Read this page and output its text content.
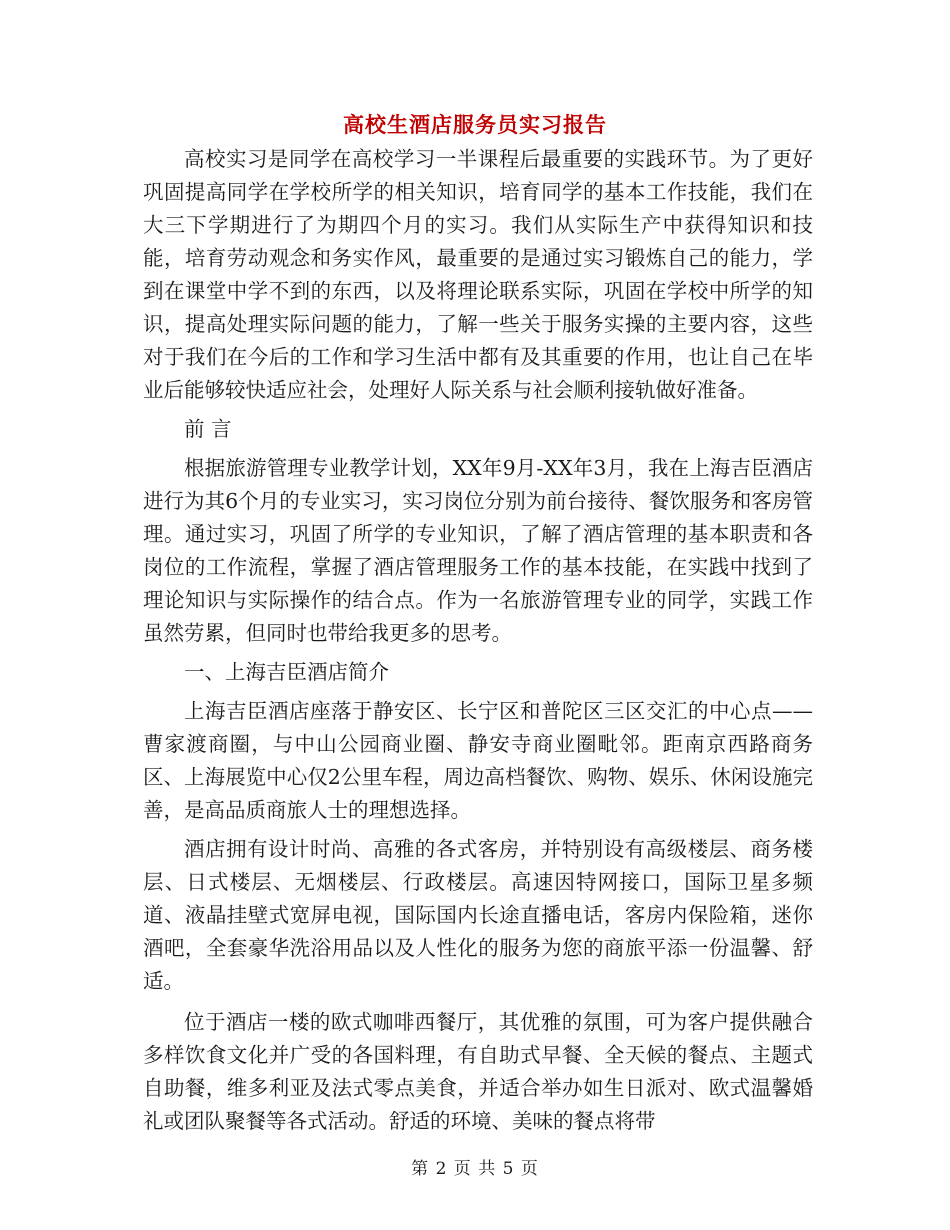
高校生酒店服务员实习报告

高校实习是同学在高校学习一半课程后最重要的实践环节。为了更好巩固提高同学在学校所学的相关知识，培育同学的基本工作技能，我们在大三下学期进行了为期四个月的实习。我们从实际生产中获得知识和技能，培育劳动观念和务实作风，最重要的是通过实习锻炼自己的能力，学到在课堂中学不到的东西，以及将理论联系实际，巩固在学校中所学的知识，提高处理实际问题的能力，了解一些关于服务实操的主要内容，这些对于我们在今后的工作和学习生活中都有及其重要的作用，也让自己在毕业后能够较快适应社会，处理好人际关系与社会顺利接轨做好准备。

前 言

根据旅游管理专业教学计划，XX年9月-XX年3月，我在上海吉臣酒店进行为其6个月的专业实习，实习岗位分别为前台接待、餐饮服务和客房管理。通过实习，巩固了所学的专业知识，了解了酒店管理的基本职责和各岗位的工作流程，掌握了酒店管理服务工作的基本技能，在实践中找到了理论知识与实际操作的结合点。作为一名旅游管理专业的同学，实践工作虽然劳累，但同时也带给我更多的思考。

一、上海吉臣酒店简介

上海吉臣酒店座落于静安区、长宁区和普陀区三区交汇的中心点——曹家渡商圈，与中山公园商业圈、静安寺商业圈毗邻。距南京西路商务区、上海展览中心仅2公里车程，周边高档餐饮、购物、娱乐、休闲设施完善，是高品质商旅人士的理想选择。

酒店拥有设计时尚、高雅的各式客房，并特别设有高级楼层、商务楼层、日式楼层、无烟楼层、行政楼层。高速因特网接口，国际卫星多频道、液晶挂壁式宽屏电视，国际国内长途直播电话，客房内保险箱，迷你酒吧，全套豪华洗浴用品以及人性化的服务为您的商旅平添一份温馨、舒适。

位于酒店一楼的欧式咖啡西餐厅，其优雅的氛围，可为客户提供融合多样饮食文化并广受的各国料理，有自助式早餐、全天候的餐点、主题式自助餐，维多利亚及法式零点美食，并适合举办如生日派对、欧式温馨婚礼或团队聚餐等各式活动。舒适的环境、美味的餐点将带

第 2 页 共 5 页
